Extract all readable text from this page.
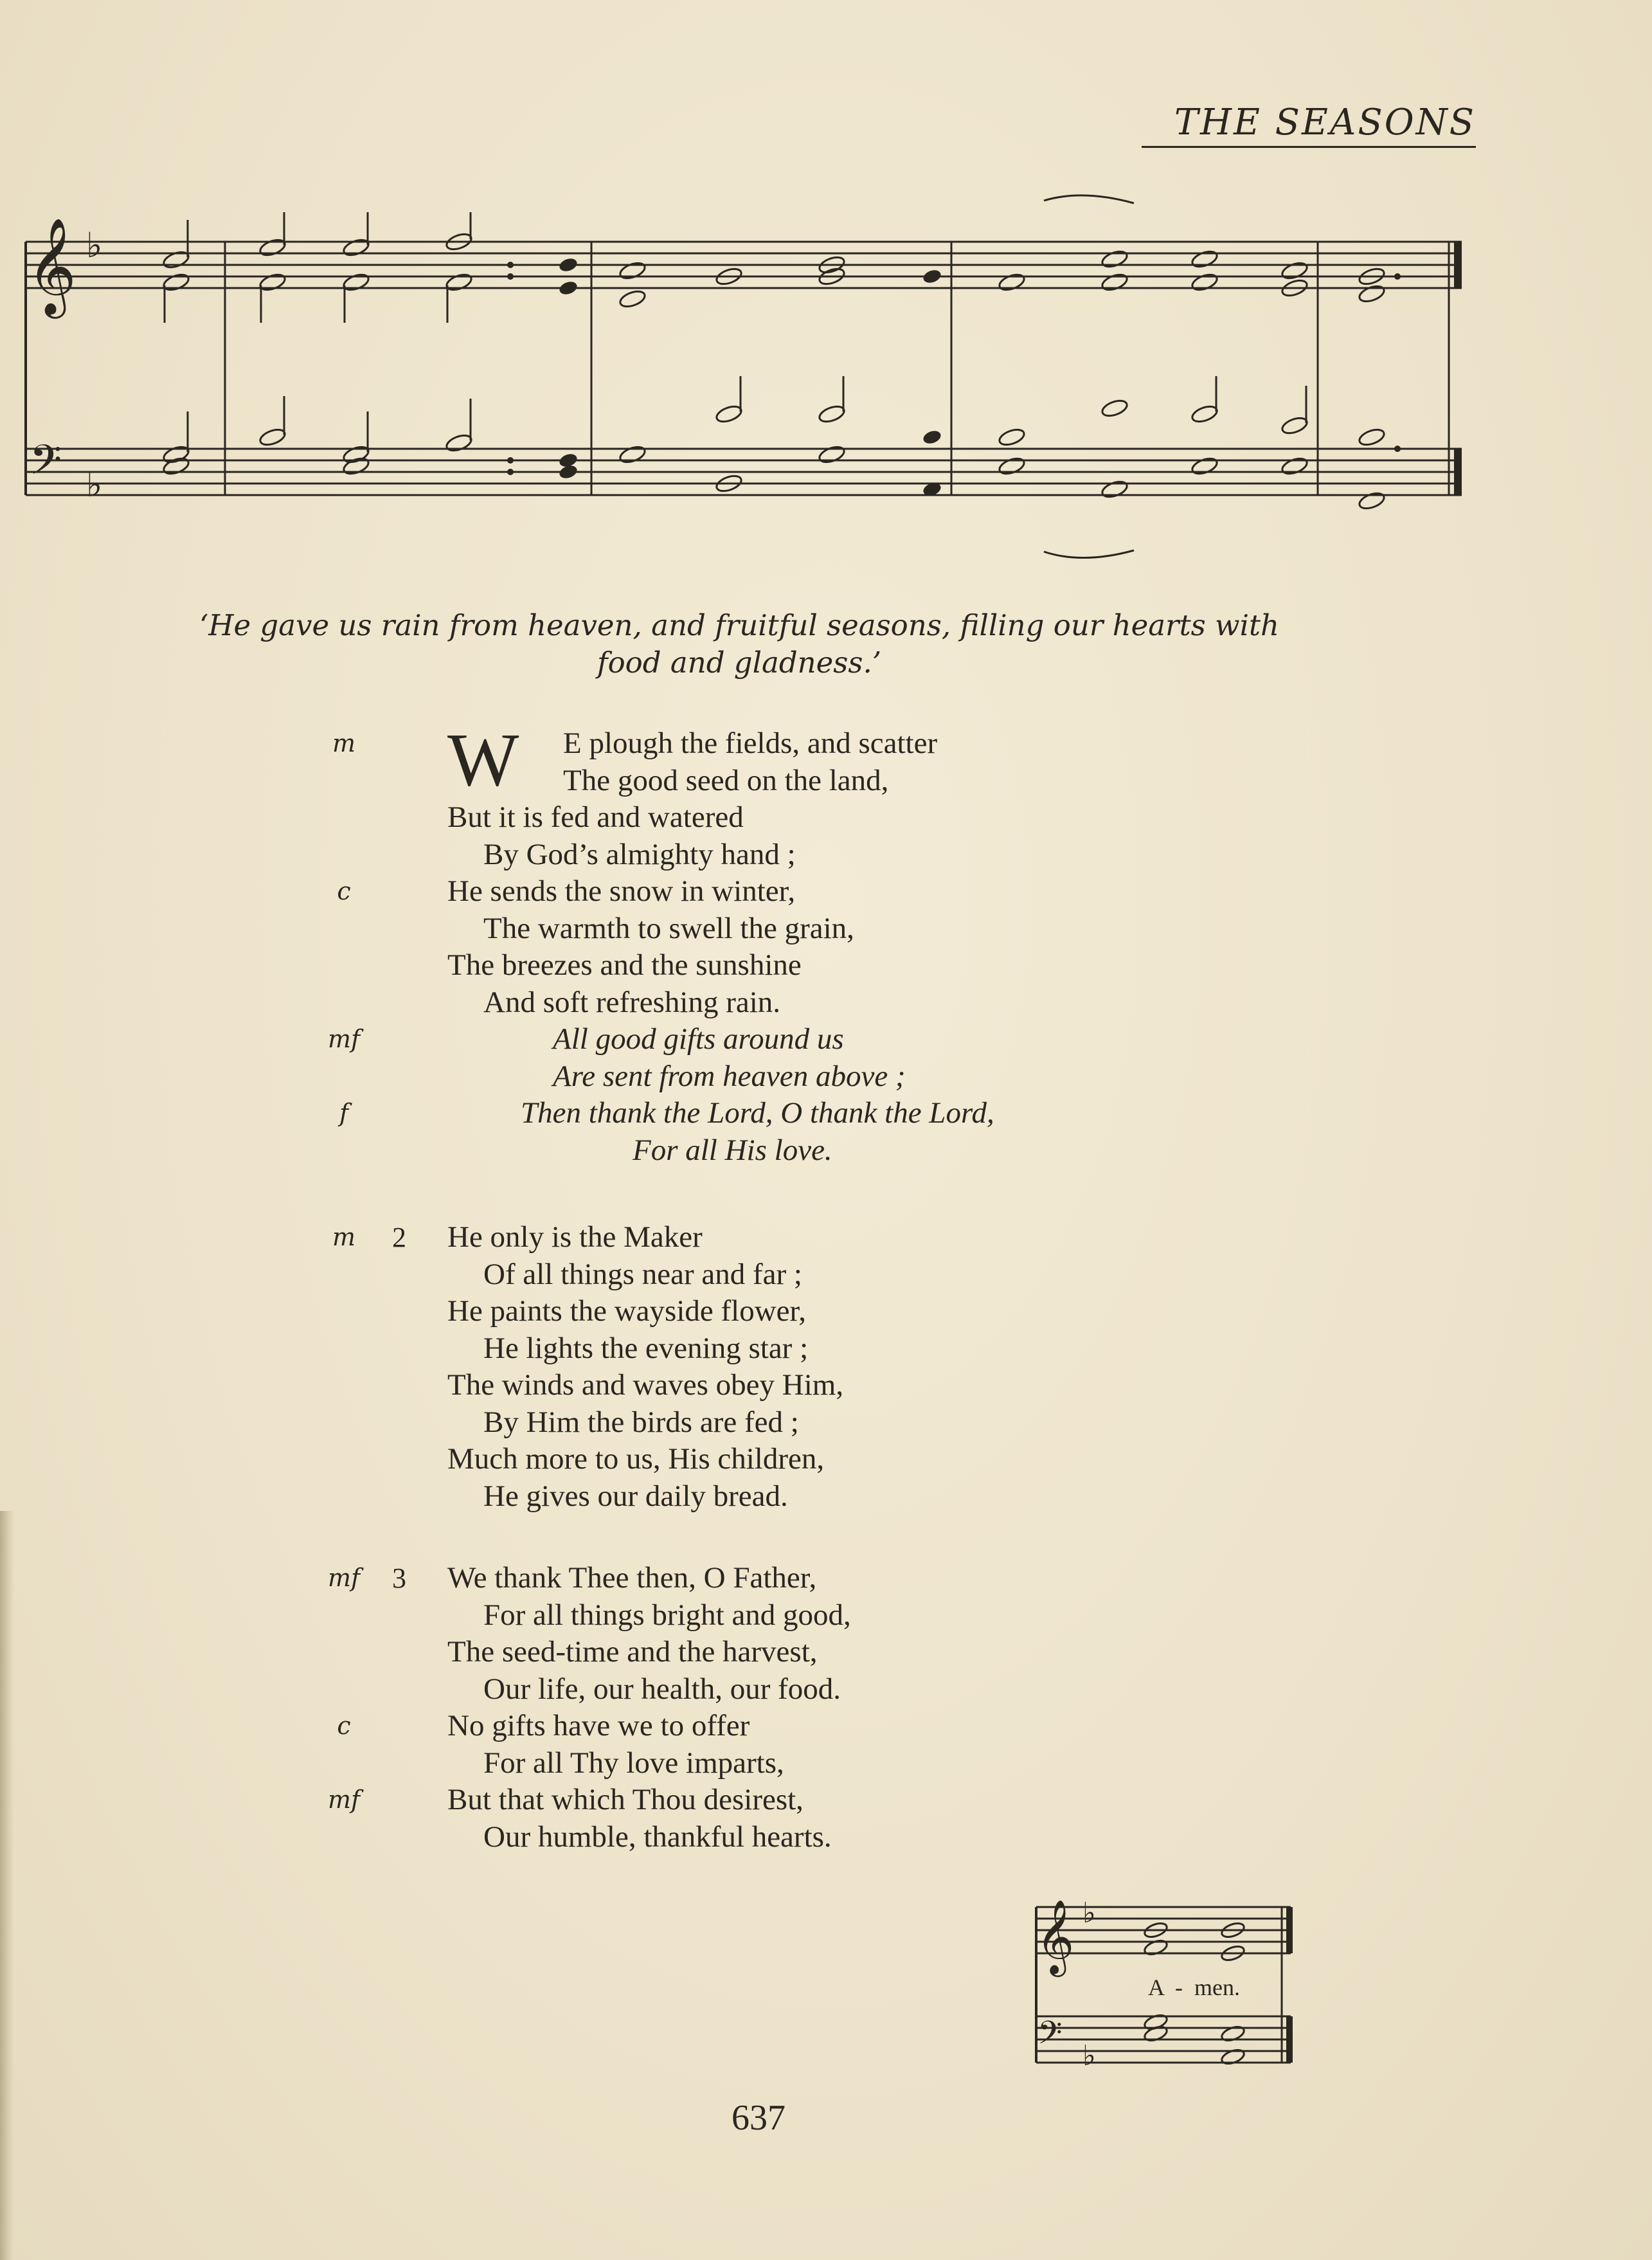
THE SEASONS
𝄞
𝄢
♭
♭
‘He gave us rain from heaven, and fruitful seasons, filling our hearts with
food and gladness.’
W
m	E plough the fields, and scatter
The good seed on the land,
But it is fed and watered
By God’s almighty hand ;
c	He sends the snow in winter,
The warmth to swell the grain,
The breezes and the sunshine
And soft refreshing rain.
mf	All good gifts around us
Are sent from heaven above ;
f	Then thank the Lord, O thank the Lord,
For all His love.
m	2 He only is the Maker
Of all things near and far ;
He paints the wayside flower,
He lights the evening star ;
The winds and waves obey Him,
By Him the birds are fed ;
Much more to us, His children,
He gives our daily bread.
mf 3 We thank Thee then, O Father,
For all things bright and good,
The seed-time and the harvest,
Our life, our health, our food.
c	No gifts have we to offer
For all Thy love imparts,
mf	But that which Thou desirest,
Our humble, thankful hearts.
𝄞
𝄢
♭
♭
A  -  men.
637
